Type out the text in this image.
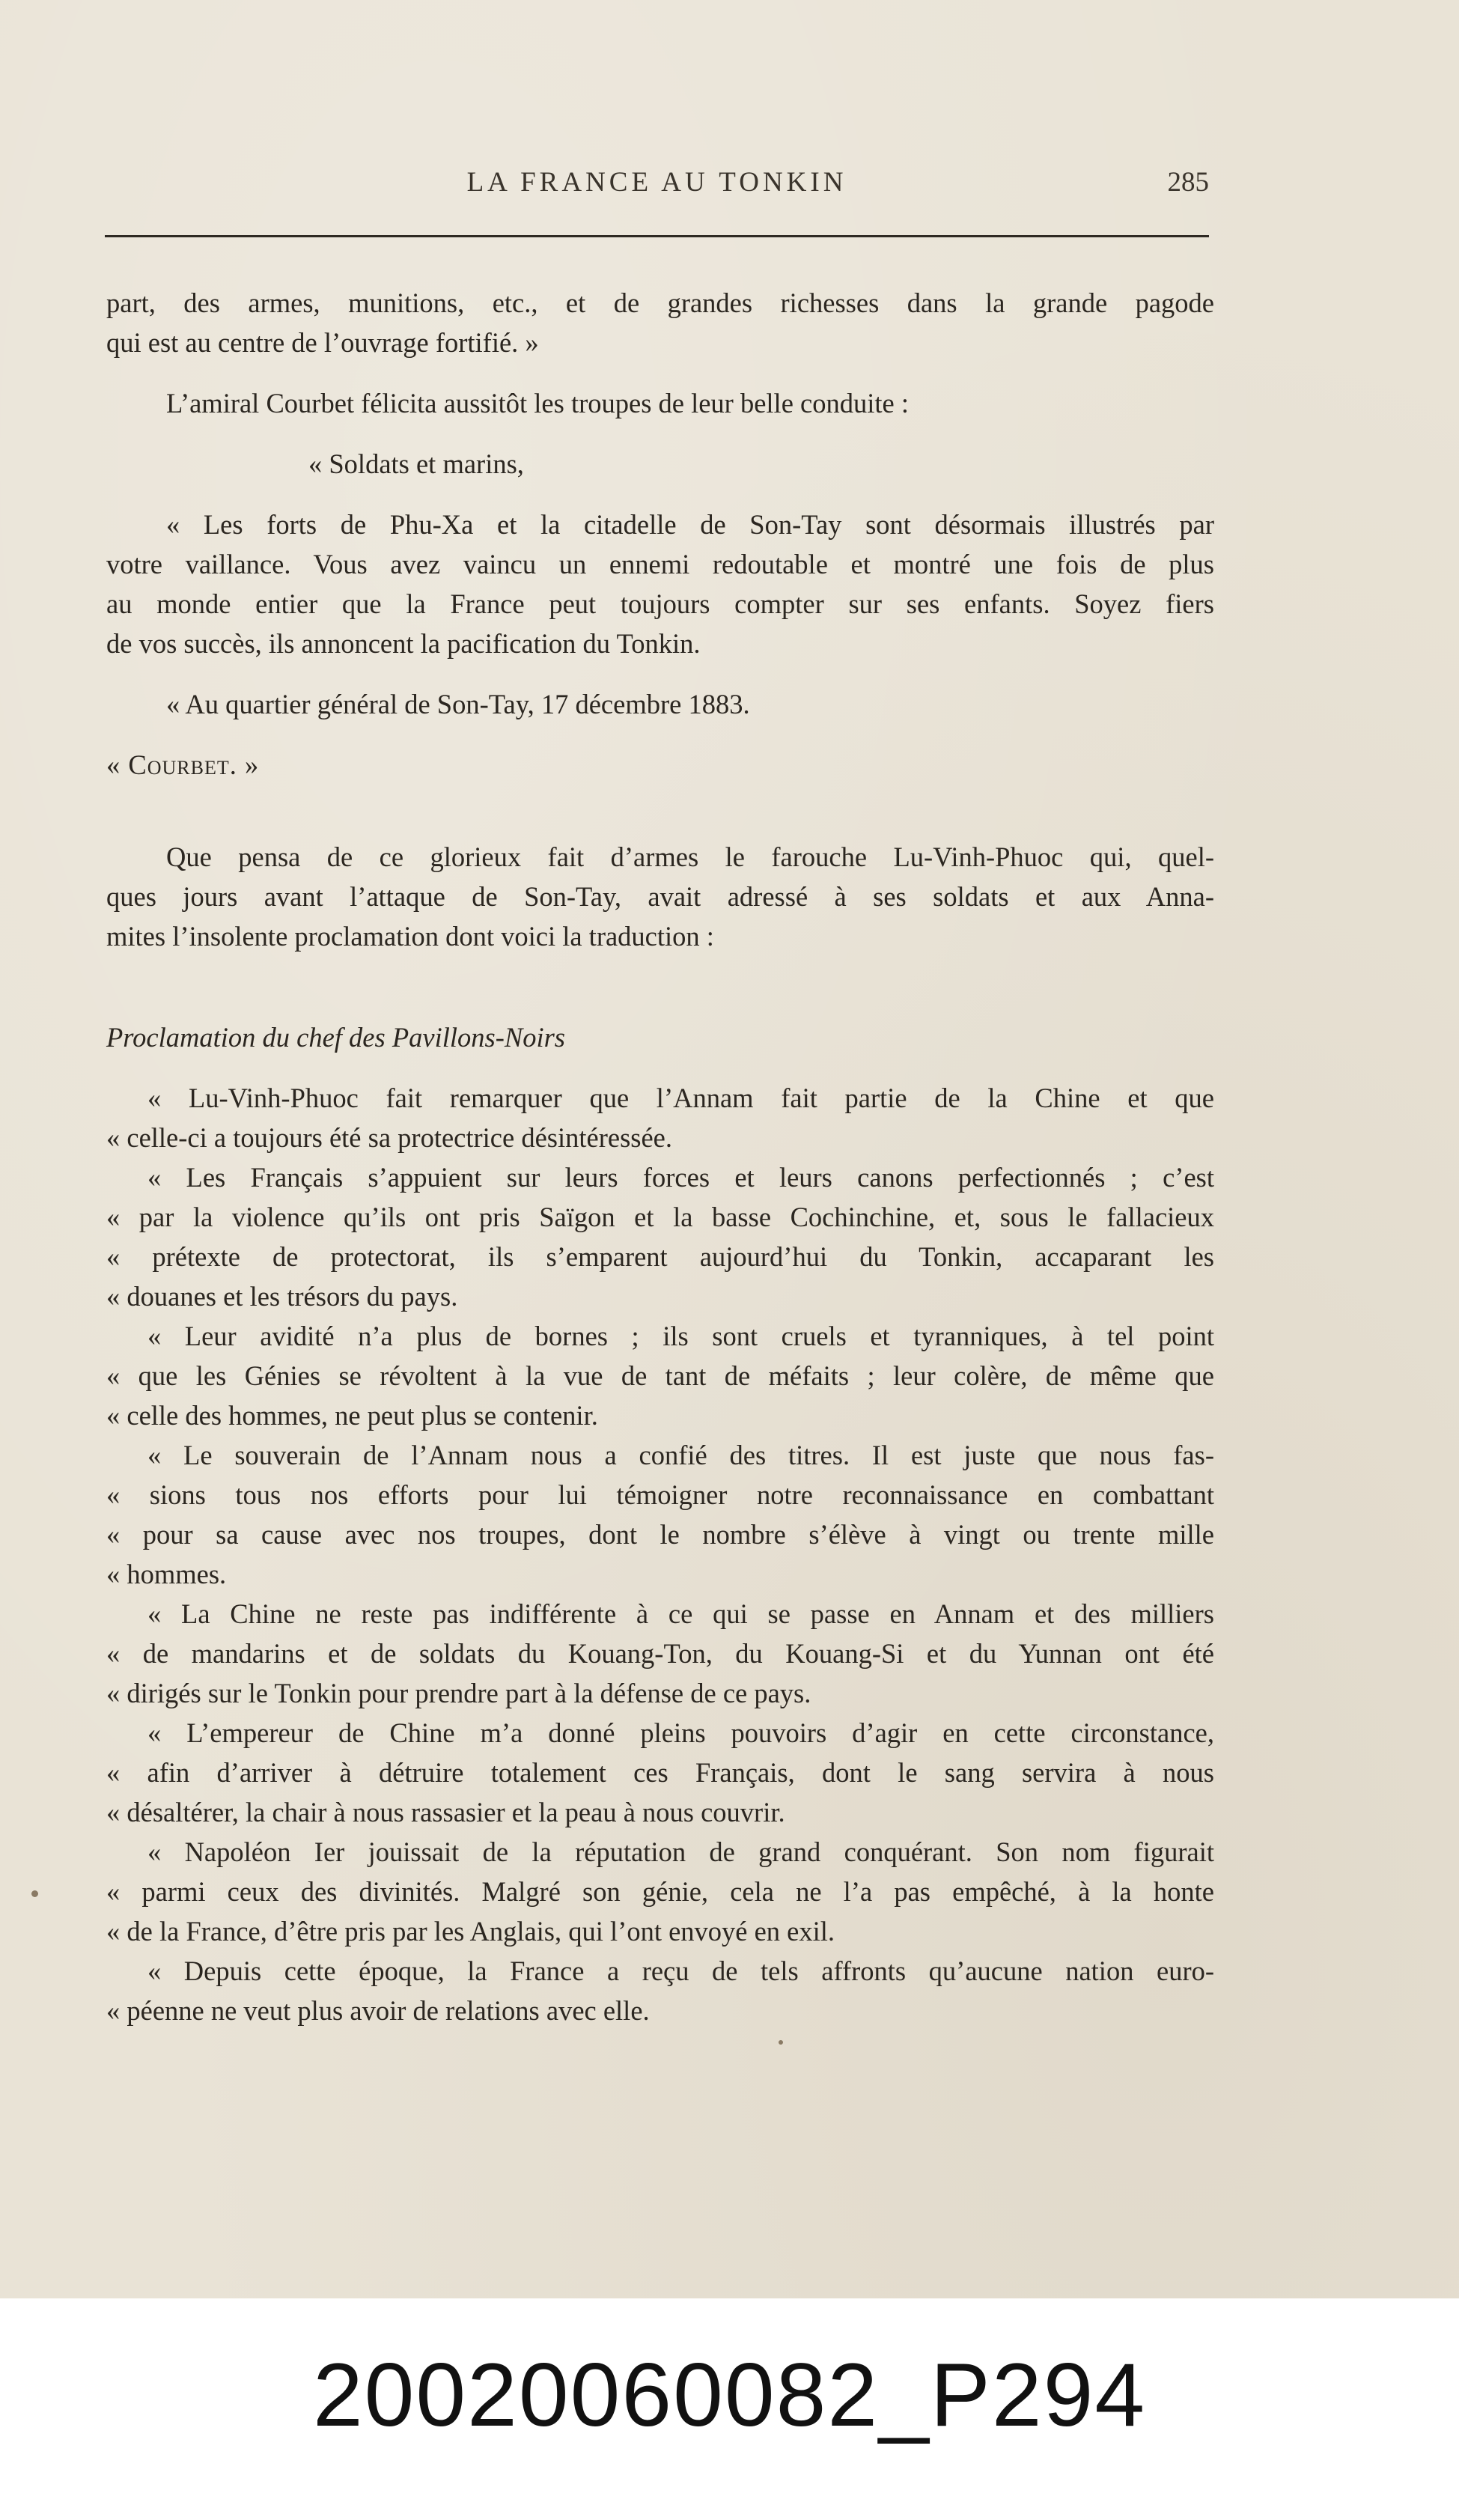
LA FRANCE AU TONKIN	285
part, des armes, munitions, etc., et de grandes richesses dans la grande pagode
qui est au centre de l’ouvrage fortifié. »
L’amiral Courbet félicita aussitôt les troupes de leur belle conduite :
« Soldats et marins,
« Les forts de Phu-Xa et la citadelle de Son-Tay sont désormais illustrés par
votre vaillance. Vous avez vaincu un ennemi redoutable et montré une fois de plus
au monde entier que la France peut toujours compter sur ses enfants. Soyez fiers
de vos succès, ils annoncent la pacification du Tonkin.
« Au quartier général de Son-Tay, 17 décembre 1883.
« Courbet. »
Que pensa de ce glorieux fait d’armes le farouche Lu-Vinh-Phuoc qui, quel-
ques jours avant l’attaque de Son-Tay, avait adressé à ses soldats et aux Anna-
mites l’insolente proclamation dont voici la traduction :
Proclamation du chef des Pavillons-Noirs
« Lu-Vinh-Phuoc fait remarquer que l’Annam fait partie de la Chine et que
« celle-ci a toujours été sa protectrice désintéressée.
« Les Français s’appuient sur leurs forces et leurs canons perfectionnés ; c’est
« par la violence qu’ils ont pris Saïgon et la basse Cochinchine, et, sous le fallacieux
« prétexte de protectorat, ils s’emparent aujourd’hui du Tonkin, accaparant les
« douanes et les trésors du pays.
« Leur avidité n’a plus de bornes ; ils sont cruels et tyranniques, à tel point
« que les Génies se révoltent à la vue de tant de méfaits ; leur colère, de même que
« celle des hommes, ne peut plus se contenir.
« Le souverain de l’Annam nous a confié des titres. Il est juste que nous fas-
« sions tous nos efforts pour lui témoigner notre reconnaissance en combattant
« pour sa cause avec nos troupes, dont le nombre s’élève à vingt ou trente mille
« hommes.
« La Chine ne reste pas indifférente à ce qui se passe en Annam et des milliers
« de mandarins et de soldats du Kouang-Ton, du Kouang-Si et du Yunnan ont été
« dirigés sur le Tonkin pour prendre part à la défense de ce pays.
« L’empereur de Chine m’a donné pleins pouvoirs d’agir en cette circonstance,
« afin d’arriver à détruire totalement ces Français, dont le sang servira à nous
« désaltérer, la chair à nous rassasier et la peau à nous couvrir.
« Napoléon Ier jouissait de la réputation de grand conquérant. Son nom figurait
« parmi ceux des divinités. Malgré son génie, cela ne l’a pas empêché, à la honte
« de la France, d’être pris par les Anglais, qui l’ont envoyé en exil.
« Depuis cette époque, la France a reçu de tels affronts qu’aucune nation euro-
« péenne ne veut plus avoir de relations avec elle.
20020060082_P294
